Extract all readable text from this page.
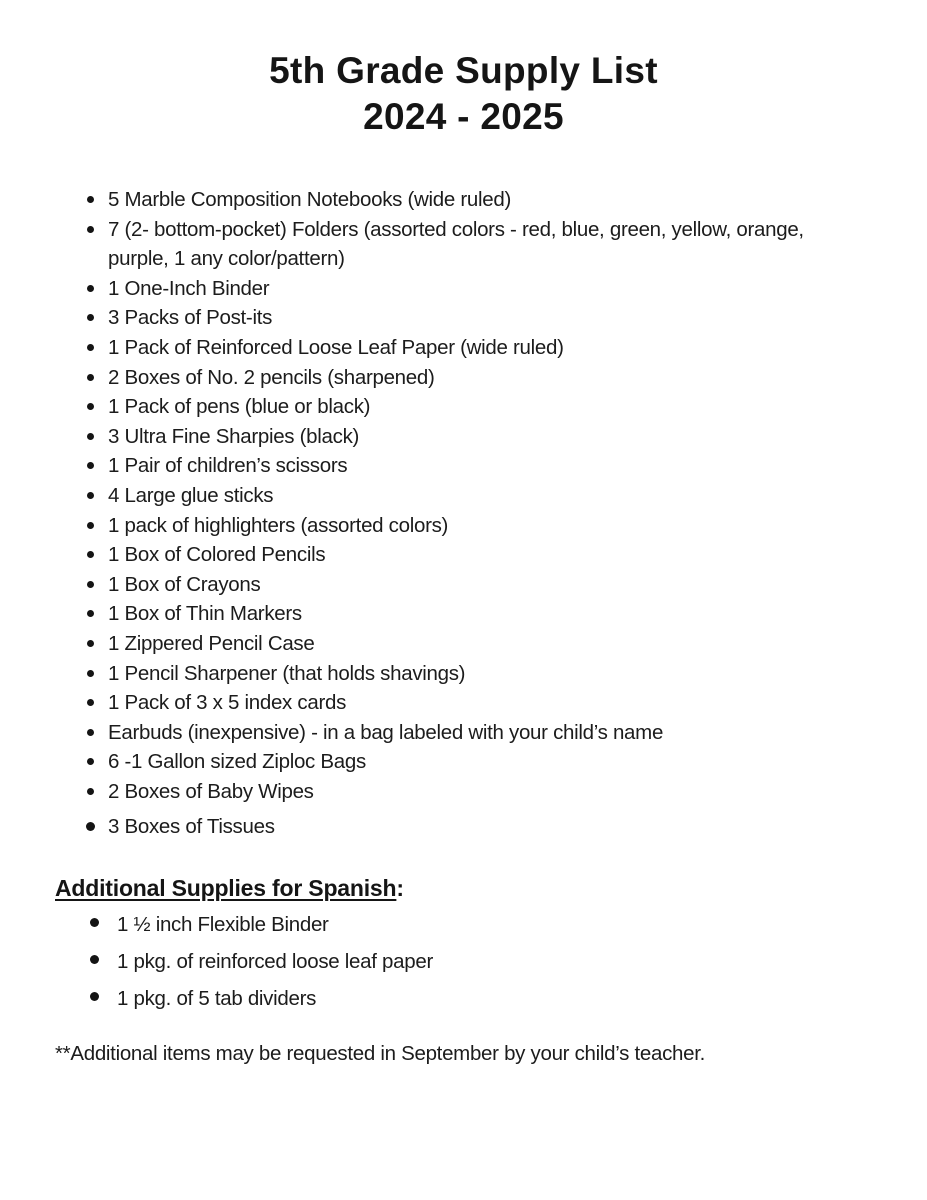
5th Grade Supply List
2024 - 2025
5 Marble Composition Notebooks (wide ruled)
7 (2- bottom-pocket) Folders (assorted colors - red, blue, green, yellow, orange, purple, 1 any color/pattern)
1 One-Inch Binder
3 Packs of Post-its
1 Pack of Reinforced Loose Leaf Paper (wide ruled)
2 Boxes of No. 2 pencils (sharpened)
1 Pack of pens (blue or black)
3 Ultra Fine Sharpies (black)
1 Pair of children’s scissors
4 Large glue sticks
1 pack of highlighters (assorted colors)
1 Box of Colored Pencils
1 Box of Crayons
1 Box of Thin Markers
1 Zippered Pencil Case
1 Pencil Sharpener (that holds shavings)
1 Pack of 3 x 5 index cards
Earbuds (inexpensive) - in a bag labeled with your child’s name
6 -1 Gallon sized Ziploc Bags
2 Boxes of Baby Wipes
3 Boxes of Tissues
Additional Supplies for Spanish:
1 ½ inch Flexible Binder
1 pkg. of reinforced loose leaf paper
1 pkg. of 5 tab dividers

**Additional items may be requested in September by your child’s teacher.
